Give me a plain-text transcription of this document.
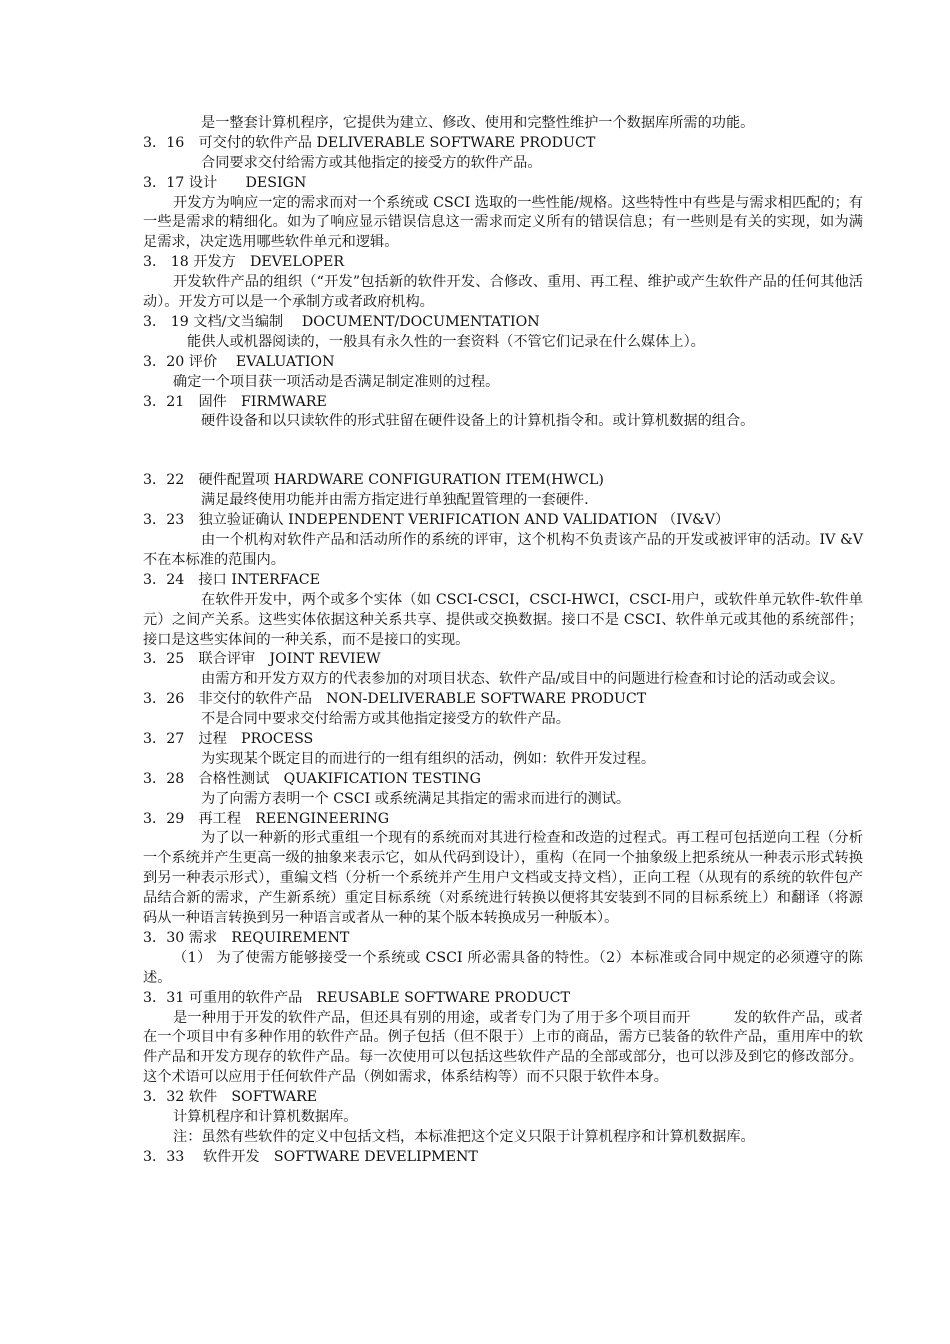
是一整套计算机程序，它提供为建立、修改、使用和完整性维护一个数据库所需的功能。
3．16　可交付的软件产品 DELIVERABLE SOFTWARE PRODUCT
合同要求交付给需方或其他指定的接受方的软件产品。
3．17 设计　　DESIGN
开发方为响应一定的需求而对一个系统或 CSCI 选取的一些性能/规格。这些特性中有些是与需求相匹配的；有一些是需求的精细化。如为了响应显示错误信息这一需求而定义所有的错误信息；有一些则是有关的实现，如为满足需求，决定选用哪些软件单元和逻辑。
3． 18 开发方　DEVELOPER
开发软件产品的组织（“开发”包括新的软件开发、合修改、重用、再工程、维护或产生软件产品的任何其他活动）。开发方可以是一个承制方或者政府机构。
3． 19 文档/文当编制　 DOCUMENT/DOCUMENTATION
能供人或机器阅读的，一般具有永久性的一套资料（不管它们记录在什么媒体上）。
3．20 评价　 EVALUATION
确定一个项目获一项活动是否满足制定准则的过程。
3．21　固件　FIRMWARE
硬件设备和以只读软件的形式驻留在硬件设备上的计算机指令和。或计算机数据的组合。
3．22　硬件配置项 HARDWARE CONFIGURATION ITEM(HWCL)
满足最终使用功能并由需方指定进行单独配置管理的一套硬件.
3．23　独立验证确认 INDEPENDENT VERIFICATION AND VALIDATION （IV&V）
由一个机构对软件产品和活动所作的系统的评审，这个机构不负责该产品的开发或被评审的活动。IV &V 不在本标准的范围内。
3．24　接口 INTERFACE
在软件开发中，两个或多个实体（如 CSCI-CSCI，CSCI-HWCI，CSCI-用户，或软件单元软件-软件单元）之间产关系。这些实体依据这种关系共享、提供或交换数据。接口不是 CSCI、软件单元或其他的系统部件；接口是这些实体间的一种关系，而不是接口的实现。
3．25　联合评审　JOINT REVIEW
由需方和开发方双方的代表参加的对项目状态、软件产品/或目中的问题进行检查和讨论的活动或会议。
3．26　非交付的软件产品　NON-DELIVERABLE SOFTWARE PRODUCT
不是合同中要求交付给需方或其他指定接受方的软件产品。
3．27　过程　PROCESS
为实现某个既定目的而进行的一组有组织的活动，例如：软件开发过程。
3．28　合格性测试　QUAKIFICATION TESTING
为了向需方表明一个 CSCI 或系统满足其指定的需求而进行的测试。
3．29　再工程　REENGINEERING
为了以一种新的形式重组一个现有的系统而对其进行检查和改造的过程式。再工程可包括逆向工程（分析一个系统并产生更高一级的抽象来表示它，如从代码到设计），重构（在同一个抽象级上把系统从一种表示形式转换到另一种表示形式），重编文档（分析一个系统并产生用户文档或支持文档），正向工程（从现有的系统的软件包产品结合新的需求，产生新系统）重定目标系统（对系统进行转换以便将其安装到不同的目标系统上）和翻译（将源码从一种语言转换到另一种语言或者从一种的某个版本转换成另一种版本）。
3．30 需求　REQUIREMENT
（1） 为了使需方能够接受一个系统或 CSCI 所必需具备的特性。（2）本标准或合同中规定的必须遵守的陈述。
3．31 可重用的软件产品　REUSABLE SOFTWARE PRODUCT
是一种用于开发的软件产品，但还具有别的用途，或者专门为了用于多个项目而开　　　发的软件产品，或者在一个项目中有多种作用的软件产品。例子包括（但不限于）上市的商品，需方已装备的软件产品，重用库中的软件产品和开发方现存的软件产品。每一次使用可以包括这些软件产品的全部或部分，也可以涉及到它的修改部分。这个术语可以应用于任何软件产品（例如需求，体系结构等）而不只限于软件本身。
3．32 软件　SOFTWARE
计算机程序和计算机数据库。
注：虽然有些软件的定义中包括文档，本标准把这个定义只限于计算机程序和计算机数据库。
3．33　 软件开发　SOFTWARE DEVELIPMENT
